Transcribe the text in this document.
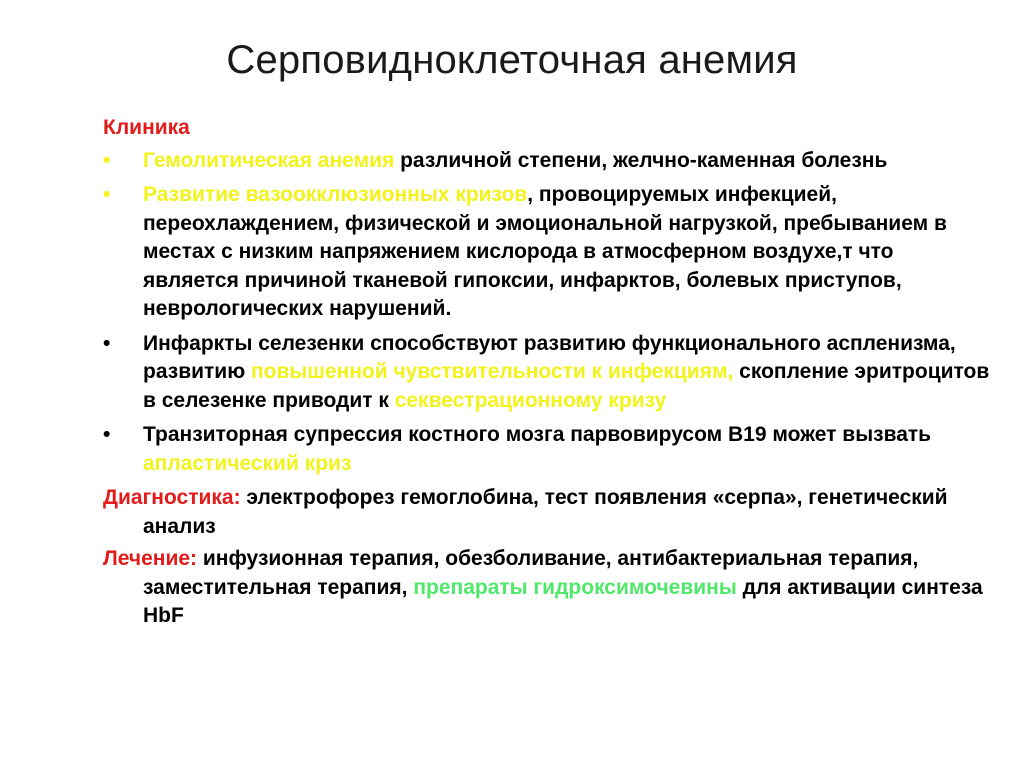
Серповидноклеточная анемия

Клиника

•	Гемолитическая анемия различной степени, желчно-каменная болезнь
•	Развитие вазоокклюзионных кризов, провоцируемых инфекцией, переохлаждением, физической и эмоциональной нагрузкой, пребыванием в местах с низким напряжением кислорода в атмосферном воздухе,т что является причиной тканевой гипоксии, инфарктов, болевых приступов, неврологических нарушений.
•	Инфаркты селезенки способствуют развитию функционального аспленизма, развитию повышенной чувствительности к инфекциям, скопление эритроцитов в селезенке приводит к секвестрационному кризу
•	Транзиторная супрессия костного мозга парвовирусом В19 может вызвать апластический криз

Диагностика: электрофорез гемоглобина, тест появления «серпа», генетический анализ

Лечение: инфузионная терапия, обезболивание, антибактериальная терапия, заместительная терапия, препараты гидроксимочевины для активации синтеза HbF
